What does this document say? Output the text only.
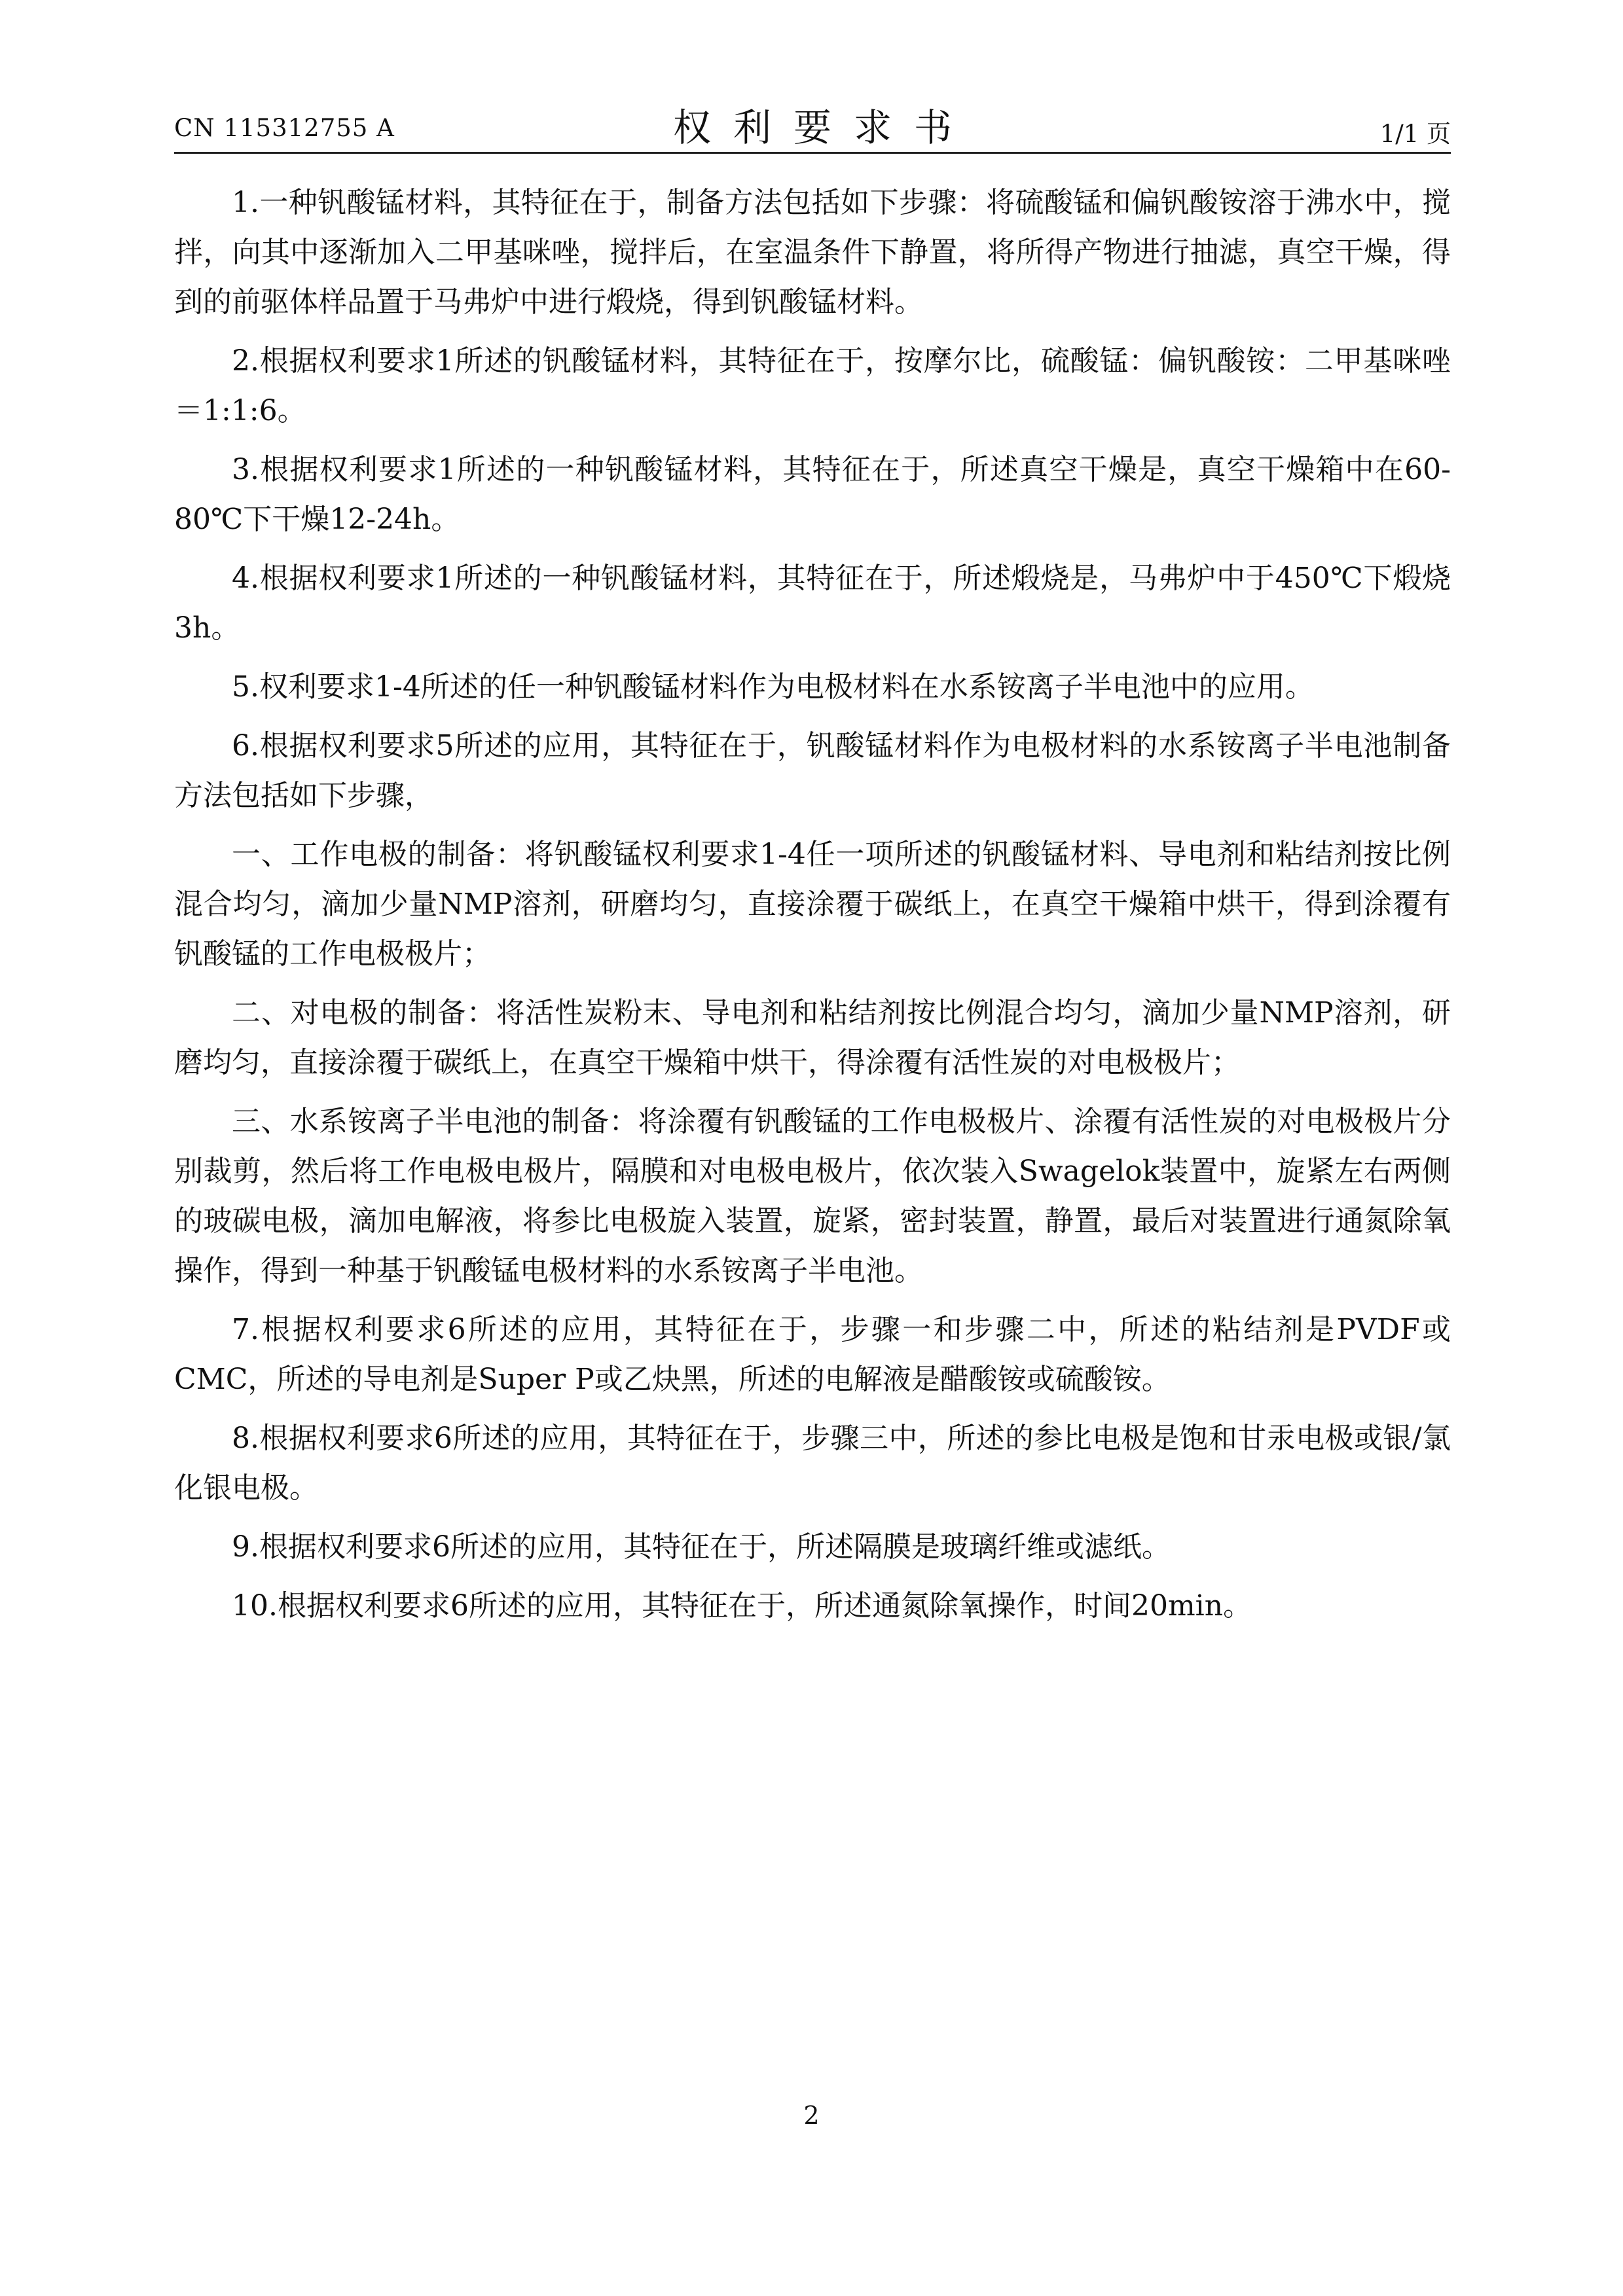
CN 115312755 A	权利要求书	1/1 页

1.一种钒酸锰材料，其特征在于，制备方法包括如下步骤：将硫酸锰和偏钒酸铵溶于沸水中，搅拌，向其中逐渐加入二甲基咪唑，搅拌后，在室温条件下静置，将所得产物进行抽滤，真空干燥，得到的前驱体样品置于马弗炉中进行煅烧，得到钒酸锰材料。

2.根据权利要求1所述的钒酸锰材料，其特征在于，按摩尔比，硫酸锰：偏钒酸铵：二甲基咪唑＝1:1:6。

3.根据权利要求1所述的一种钒酸锰材料，其特征在于，所述真空干燥是，真空干燥箱中在60-80℃下干燥12-24h。

4.根据权利要求1所述的一种钒酸锰材料，其特征在于，所述煅烧是，马弗炉中于450℃下煅烧3h。

5.权利要求1-4所述的任一种钒酸锰材料作为电极材料在水系铵离子半电池中的应用。

6.根据权利要求5所述的应用，其特征在于，钒酸锰材料作为电极材料的水系铵离子半电池制备方法包括如下步骤，

一、工作电极的制备：将钒酸锰权利要求1-4任一项所述的钒酸锰材料、导电剂和粘结剂按比例混合均匀，滴加少量NMP溶剂，研磨均匀，直接涂覆于碳纸上，在真空干燥箱中烘干，得到涂覆有钒酸锰的工作电极极片；

二、对电极的制备：将活性炭粉末、导电剂和粘结剂按比例混合均匀，滴加少量NMP溶剂，研磨均匀，直接涂覆于碳纸上，在真空干燥箱中烘干，得涂覆有活性炭的对电极极片；

三、水系铵离子半电池的制备：将涂覆有钒酸锰的工作电极极片、涂覆有活性炭的对电极极片分别裁剪，然后将工作电极电极片，隔膜和对电极电极片，依次装入Swagelok装置中，旋紧左右两侧的玻碳电极，滴加电解液，将参比电极旋入装置，旋紧，密封装置，静置，最后对装置进行通氮除氧操作，得到一种基于钒酸锰电极材料的水系铵离子半电池。

7.根据权利要求6所述的应用，其特征在于，步骤一和步骤二中，所述的粘结剂是PVDF或CMC，所述的导电剂是Super P或乙炔黑，所述的电解液是醋酸铵或硫酸铵。

8.根据权利要求6所述的应用，其特征在于，步骤三中，所述的参比电极是饱和甘汞电极或银/氯化银电极。

9.根据权利要求6所述的应用，其特征在于，所述隔膜是玻璃纤维或滤纸。

10.根据权利要求6所述的应用，其特征在于，所述通氮除氧操作，时间20min。

2
